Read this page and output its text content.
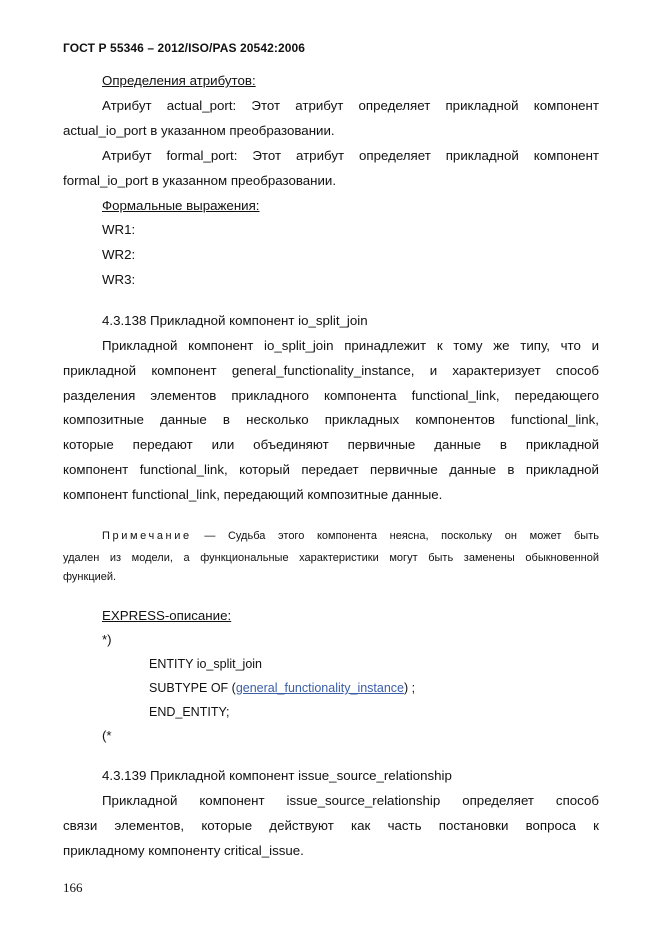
ГОСТ Р 55346 – 2012/ISO/PAS 20542:2006
Определения атрибутов:
Атрибут actual_port: Этот атрибут определяет прикладной компонент
actual_io_port в указанном преобразовании.
Атрибут formal_port: Этот атрибут определяет прикладной компонент
formal_io_port в указанном преобразовании.
Формальные выражения:
WR1:
WR2:
WR3:
4.3.138 Прикладной компонент io_split_join
Прикладной компонент io_split_join принадлежит к тому же типу, что и
прикладной компонент general_functionality_instance, и характеризует способ
разделения элементов прикладного компонента functional_link, передающего
композитные данные в несколько прикладных компонентов functional_link,
которые передают или объединяют первичные данные в прикладной
компонент functional_link, который передает первичные данные в прикладной
компонент functional_link, передающий композитные данные.
Примечание — Судьба этого компонента неясна, поскольку он может быть
удален из модели, а функциональные характеристики могут быть заменены обыкновенной
функцией.
EXPRESS-описание:
*)
ENTITY io_split_join
SUBTYPE OF (general_functionality_instance) ;
END_ENTITY;
(*
4.3.139 Прикладной компонент issue_source_relationship
Прикладной компонент issue_source_relationship определяет способ
связи элементов, которые действуют как часть постановки вопроса к
прикладному компоненту critical_issue.
166
